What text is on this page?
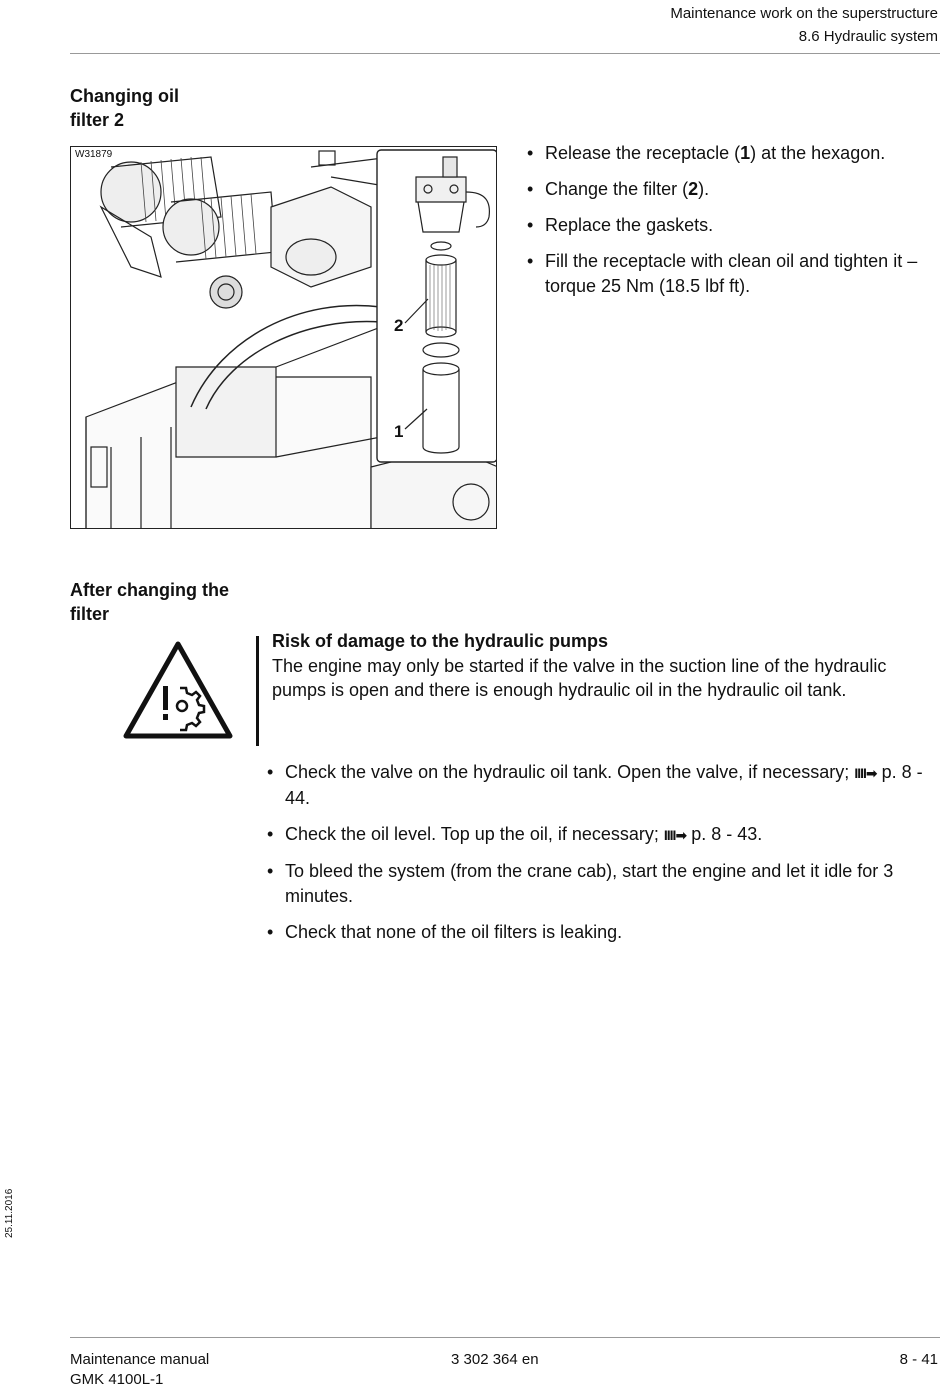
Maintenance work on the superstructure
8.6 Hydraulic system
Changing oil
filter 2
2
1
W31879	• Release the receptacle (1) at the hexagon.
• Change the filter (2).
• Replace the gaskets.
• Fill the receptacle with clean oil and tighten it – torque 25 Nm (18.5 lbf ft).
After changing the
filter
Risk of damage to the hydraulic pumps
The engine may only be started if the valve in the suction line of the hydraulic pumps is open and there is enough hydraulic oil in the hydraulic oil tank.
• Check the valve on the hydraulic oil tank. Open the valve, if necessary; IIII➡ p. 8 - 44.
• Check the oil level. Top up the oil, if necessary; IIII➡ p. 8 - 43.
• To bleed the system (from the crane cab), start the engine and let it idle for 3 minutes.
• Check that none of the oil filters is leaking.
25.11.2016
Maintenance manual
GMK 4100L-1
3 302 364 en	8 - 41
